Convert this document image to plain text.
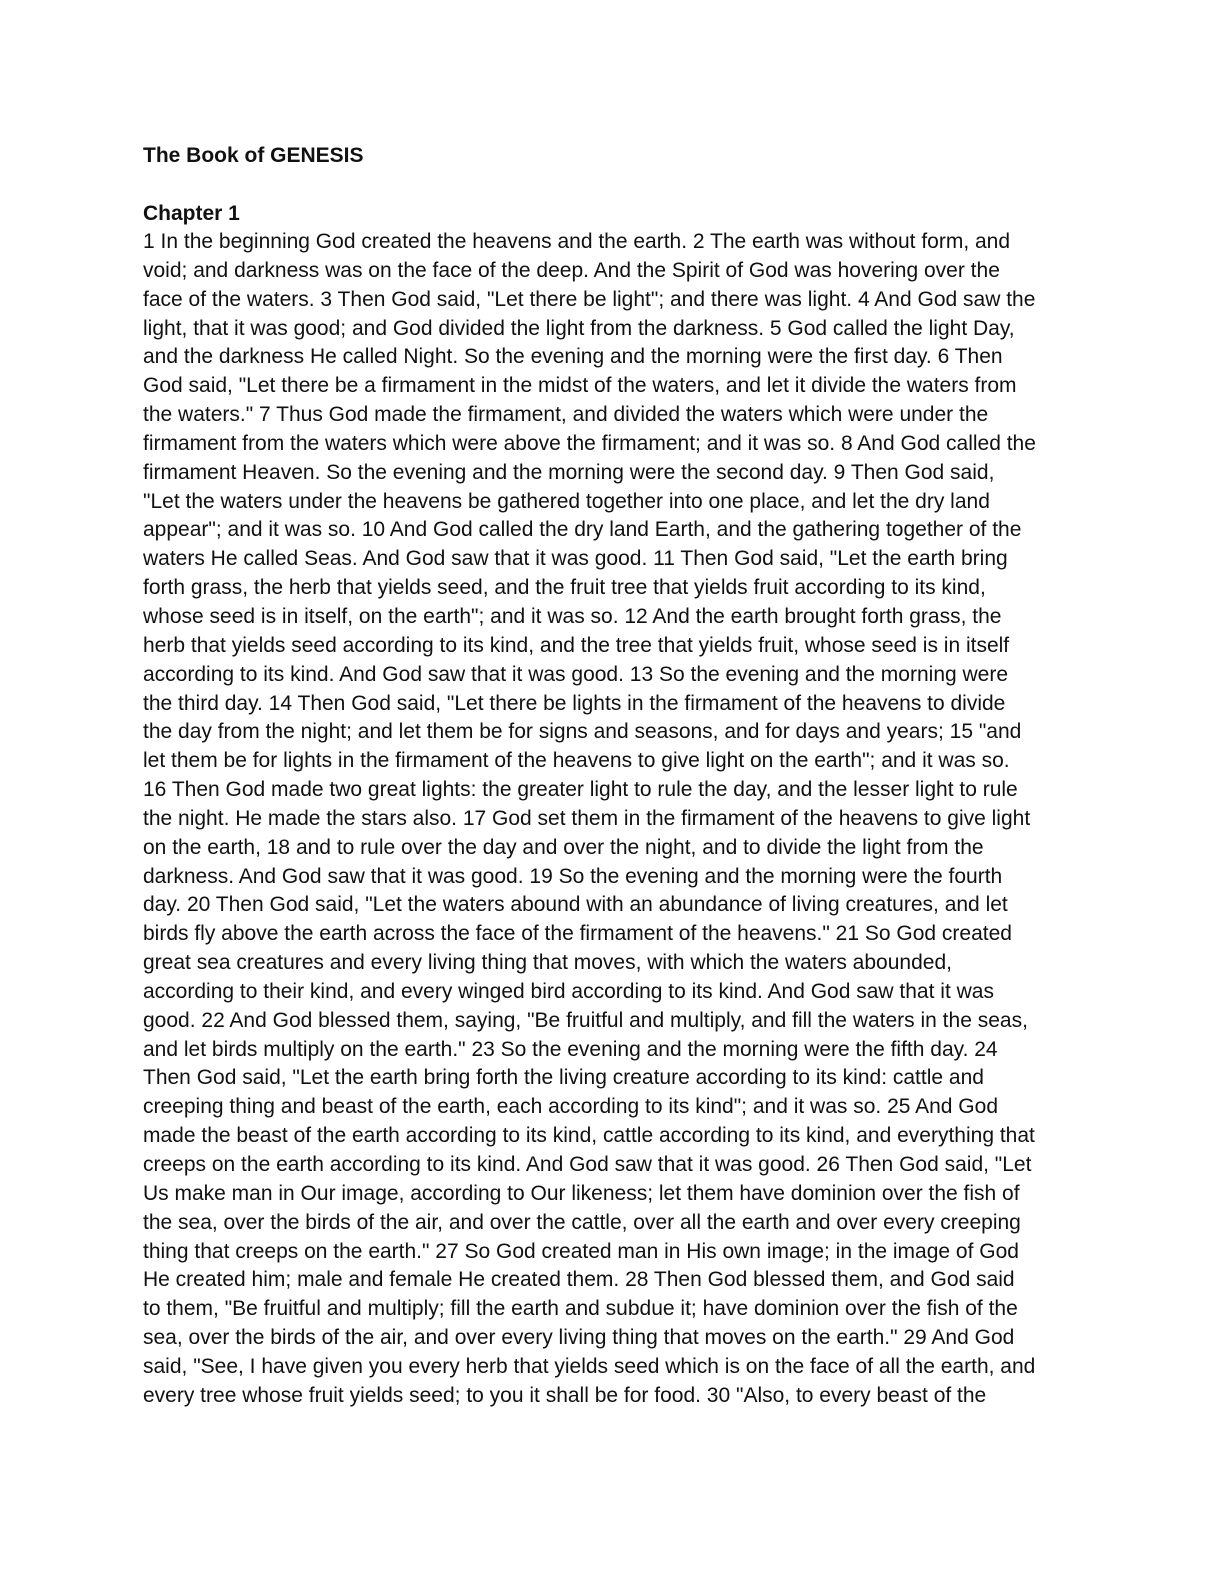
The Book of GENESIS
Chapter 1
1 In the beginning God created the heavens and the earth. 2 The earth was without form, and
void; and darkness was on the face of the deep. And the Spirit of God was hovering over the
face of the waters. 3 Then God said, "Let there be light"; and there was light. 4 And God saw the
light, that it was good; and God divided the light from the darkness. 5 God called the light Day,
and the darkness He called Night. So the evening and the morning were the first day. 6 Then
God said, "Let there be a firmament in the midst of the waters, and let it divide the waters from
the waters." 7 Thus God made the firmament, and divided the waters which were under the
firmament from the waters which were above the firmament; and it was so. 8 And God called the
firmament Heaven. So the evening and the morning were the second day. 9 Then God said,
"Let the waters under the heavens be gathered together into one place, and let the dry land
appear"; and it was so. 10 And God called the dry land Earth, and the gathering together of the
waters He called Seas. And God saw that it was good. 11 Then God said, "Let the earth bring
forth grass, the herb that yields seed, and the fruit tree that yields fruit according to its kind,
whose seed is in itself, on the earth"; and it was so. 12 And the earth brought forth grass, the
herb that yields seed according to its kind, and the tree that yields fruit, whose seed is in itself
according to its kind. And God saw that it was good. 13 So the evening and the morning were
the third day. 14 Then God said, "Let there be lights in the firmament of the heavens to divide
the day from the night; and let them be for signs and seasons, and for days and years; 15 "and
let them be for lights in the firmament of the heavens to give light on the earth"; and it was so.
16 Then God made two great lights: the greater light to rule the day, and the lesser light to rule
the night. He made the stars also. 17 God set them in the firmament of the heavens to give light
on the earth, 18 and to rule over the day and over the night, and to divide the light from the
darkness. And God saw that it was good. 19 So the evening and the morning were the fourth
day. 20 Then God said, "Let the waters abound with an abundance of living creatures, and let
birds fly above the earth across the face of the firmament of the heavens." 21 So God created
great sea creatures and every living thing that moves, with which the waters abounded,
according to their kind, and every winged bird according to its kind. And God saw that it was
good. 22 And God blessed them, saying, "Be fruitful and multiply, and fill the waters in the seas,
and let birds multiply on the earth." 23 So the evening and the morning were the fifth day. 24
Then God said, "Let the earth bring forth the living creature according to its kind: cattle and
creeping thing and beast of the earth, each according to its kind"; and it was so. 25 And God
made the beast of the earth according to its kind, cattle according to its kind, and everything that
creeps on the earth according to its kind. And God saw that it was good. 26 Then God said, "Let
Us make man in Our image, according to Our likeness; let them have dominion over the fish of
the sea, over the birds of the air, and over the cattle, over all the earth and over every creeping
thing that creeps on the earth." 27 So God created man in His own image; in the image of God
He created him; male and female He created them. 28 Then God blessed them, and God said
to them, "Be fruitful and multiply; fill the earth and subdue it; have dominion over the fish of the
sea, over the birds of the air, and over every living thing that moves on the earth." 29 And God
said, "See, I have given you every herb that yields seed which is on the face of all the earth, and
every tree whose fruit yields seed; to you it shall be for food. 30 "Also, to every beast of the
